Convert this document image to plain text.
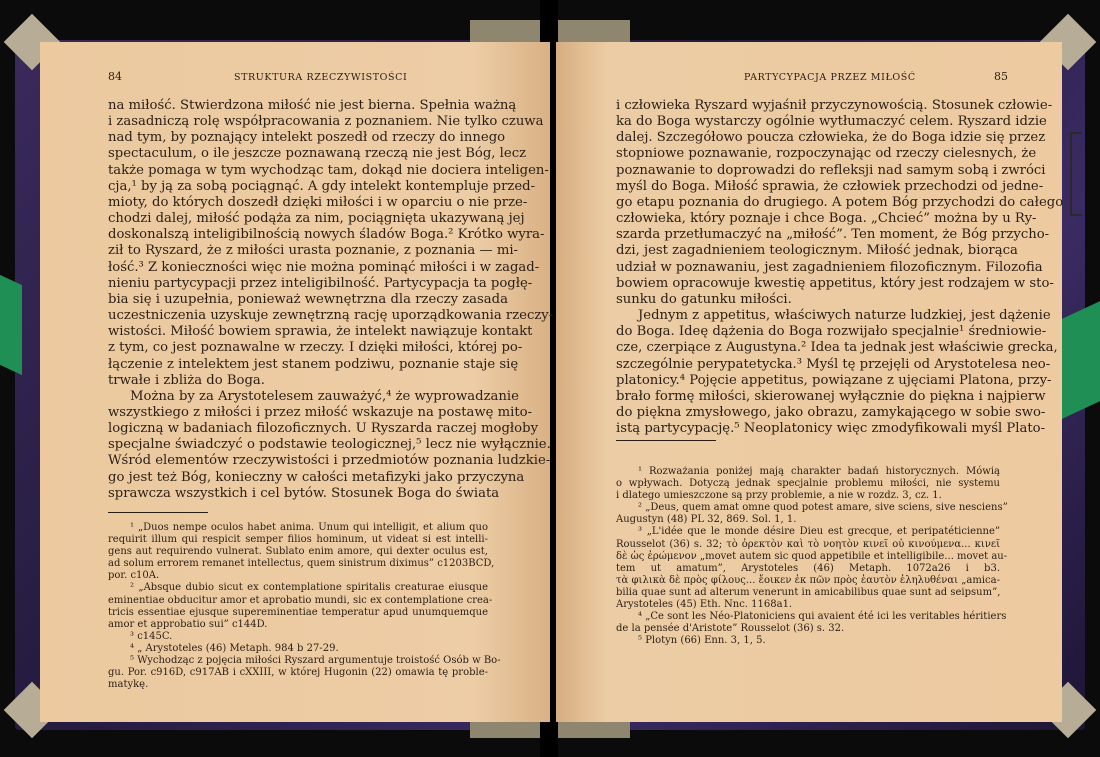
84	STRUKTURA RZECZYWISTOŚCI
na miłość. Stwierdzona miłość nie jest bierna. Spełnia ważną
i zasadniczą rolę współpracowania z poznaniem. Nie tylko czuwa
nad tym, by poznający intelekt poszedł od rzeczy do innego
spectaculum, o ile jeszcze poznawaną rzeczą nie jest Bóg, lecz
także pomaga w tym wychodząc tam, dokąd nie dociera inteligen-
cja,¹ by ją za sobą pociągnąć. A gdy intelekt kontempluje przed-
mioty, do których doszedł dzięki miłości i w oparciu o nie prze-
chodzi dalej, miłość podąża za nim, pociągnięta ukazywaną jej
doskonalszą inteligibilnością nowych śladów Boga.² Krótko wyra-
ził to Ryszard, że z miłości urasta poznanie, z poznania — mi-
łość.³ Z konieczności więc nie można pominąć miłości i w zagad-
nieniu partycypacji przez inteligibilność. Partycypacja ta pogłę-
bia się i uzupełnia, ponieważ wewnętrzna dla rzeczy zasada
uczestniczenia uzyskuje zewnętrzną rację uporządkowania rzeczy-
wistości. Miłość bowiem sprawia, że intelekt nawiązuje kontakt
z tym, co jest poznawalne w rzeczy. I dzięki miłości, której po-
łączenie z intelektem jest stanem podziwu, poznanie staje się
trwałe i zbliża do Boga.
Można by za Arystotelesem zauważyć,⁴ że wyprowadzanie
wszystkiego z miłości i przez miłość wskazuje na postawę mito-
logiczną w badaniach filozoficznych. U Ryszarda raczej mogłoby
specjalne świadczyć o podstawie teologicznej,⁵ lecz nie wyłącznie.
Wśród elementów rzeczywistości i przedmiotów poznania ludzkie-
go jest też Bóg, konieczny w całości metafizyki jako przyczyna
sprawcza wszystkich i cel bytów. Stosunek Boga do świata
¹ „Duos nempe oculos habet anima. Unum qui intelligit, et alium quo
requirit illum qui respicit semper filios hominum, ut videat si est intelli-
gens aut requirendo vulnerat. Sublato enim amore, qui dexter oculus est,
ad solum errorem remanet intellectus, quem sinistrum diximus” c1203BCD,
por. c10A.
² „Absque dubio sicut ex contemplatione spiritalis creaturae eiusque
eminentiae obducitur amor et aprobatio mundi, sic ex contemplatione crea-
tricis essentiae ejusque supereminentiae temperatur apud unumquemque
amor et approbatio sui” c144D.
³ c145C.
⁴ „ Arystoteles (46) Metaph. 984 b 27-29.
⁵ Wychodząc z pojęcia miłości Ryszard argumentuje troistość Osób w Bo-
gu. Por. c916D, c917AB i cXXIII, w której Hugonin (22) omawia tę proble-
matykę.
PARTYCYPACJA PRZEZ MIŁOŚĆ	85
i człowieka Ryszard wyjaśnił przyczynowością. Stosunek człowie-
ka do Boga wystarczy ogólnie wytłumaczyć celem. Ryszard idzie
dalej. Szczegółowo poucza człowieka, że do Boga idzie się przez
stopniowe poznawanie, rozpoczynając od rzeczy cielesnych, że
poznawanie to doprowadzi do refleksji nad samym sobą i zwróci
myśl do Boga. Miłość sprawia, że człowiek przechodzi od jedne-
go etapu poznania do drugiego. A potem Bóg przychodzi do całego
człowieka, który poznaje i chce Boga. „Chcieć” można by u Ry-
szarda przetłumaczyć na „miłość”. Ten moment, że Bóg przycho-
dzi, jest zagadnieniem teologicznym. Miłość jednak, biorąca
udział w poznawaniu, jest zagadnieniem filozoficznym. Filozofia
bowiem opracowuje kwestię appetitus, który jest rodzajem w sto-
sunku do gatunku miłości.
Jednym z appetitus, właściwych naturze ludzkiej, jest dążenie
do Boga. Ideę dążenia do Boga rozwijało specjalnie¹ średniowie-
cze, czerpiące z Augustyna.² Idea ta jednak jest właściwie grecka,
szczególnie perypatetycka.³ Myśl tę przejęli od Arystotelesa neo-
platonicy.⁴ Pojęcie appetitus, powiązane z ujęciami Platona, przy-
brało formę miłości, skierowanej wyłącznie do piękna i najpierw
do piękna zmysłowego, jako obrazu, zamykającego w sobie swo-
istą partycypację.⁵ Neoplatonicy więc zmodyfikowali myśl Plato-
¹ Rozważania poniżej mają charakter badań historycznych. Mówią
o wpływach. Dotyczą jednak specjalnie problemu miłości, nie systemu
i dlatego umieszczone są przy problemie, a nie w rozdz. 3, cz. 1.
² „Deus, quem amat omne quod potest amare, sive sciens, sive nesciens”
Augustyn (48) PL 32, 869. Sol. 1, 1.
³ „L'idée que le monde désire Dieu est grecque, et peripatéticienne”
Rousselot (36) s. 32; τὸ ὀρεκτὸν καὶ τὸ νοητὸν κινεῖ οὐ κινούμενα... κινεῖ
δὲ ὡς ἐρώμενον „movet autem sic quod appetibile et intelligibile... movet au-
tem ut amatum”, Arystoteles (46) Metaph. 1072a26 i b3.
τὰ φιλικὰ δὲ πρὸς φίλους... ἔοικεν ἐκ πῶν πρὸς ἑαυτὸν ἐληλυθέναι „amica-
bilia quae sunt ad alterum venerunt in amicabilibus quae sunt ad seipsum”,
Arystoteles (45) Eth. Nnc. 1168a1.
⁴ „Ce sont les Néo-Platoniciens qui avaient été ici les veritables héritiers
de la pensée d'Aristote” Rousselot (36) s. 32.
⁵ Plotyn (66) Enn. 3, 1, 5.
